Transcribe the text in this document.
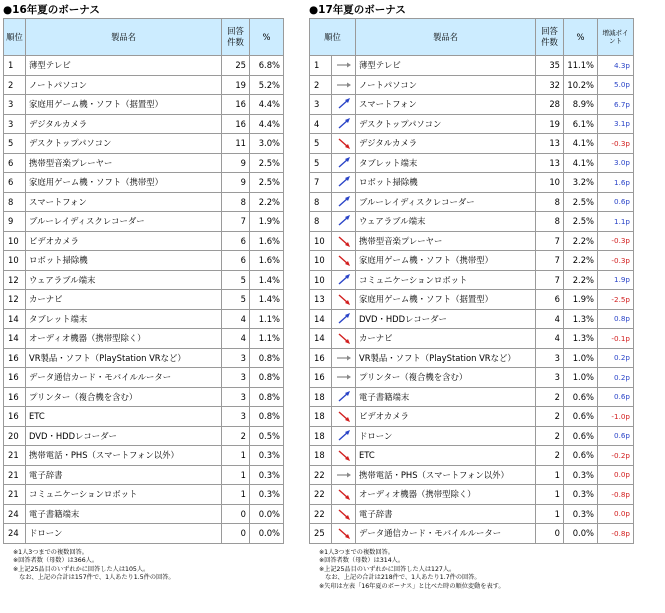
●16年夏のボーナス
順位	製品名	回答件数	%
1	薄型テレビ	25	6.8%
2	ノートパソコン	19	5.2%
3	家庭用ゲーム機・ソフト（据置型）	16	4.4%
3	デジタルカメラ	16	4.4%
5	デスクトップパソコン	11	3.0%
6	携帯型音楽プレーヤー	9	2.5%
6	家庭用ゲーム機・ソフト（携帯型）	9	2.5%
8	スマートフォン	8	2.2%
9	ブルーレイディスクレコーダー	7	1.9%
10	ビデオカメラ	6	1.6%
10	ロボット掃除機	6	1.6%
12	ウェアラブル端末	5	1.4%
12	カーナビ	5	1.4%
14	タブレット端末	4	1.1%
14	オーディオ機器（携帯型除く）	4	1.1%
16	VR製品・ソフト（PlayStation VRなど）	3	0.8%
16	データ通信カード・モバイルルーター	3	0.8%
16	プリンター（複合機を含む）	3	0.8%
16	ETC	3	0.8%
20	DVD・HDDレコーダー	2	0.5%
21	携帯電話・PHS（スマートフォン以外）	1	0.3%
21	電子辞書	1	0.3%
21	コミュニケーションロボット	1	0.3%
24	電子書籍端末	0	0.0%
24	ドローン	0	0.0%
※1人3つまでの複数回答。
※回答者数（母数）は366人。
※上記25品目のいずれかに回答した人は105人。
　なお、上記の合計は157件で、1人あたり1.5件の回答。
●17年夏のボーナス
順位		製品名	回答件数	%	増減ポイント
1		薄型テレビ	35	11.1%	4.3p
2		ノートパソコン	32	10.2%	5.0p
3		スマートフォン	28	8.9%	6.7p
4		デスクトップパソコン	19	6.1%	3.1p
5		デジタルカメラ	13	4.1%	-0.3p
5		タブレット端末	13	4.1%	3.0p
7		ロボット掃除機	10	3.2%	1.6p
8		ブルーレイディスクレコーダー	8	2.5%	0.6p
8		ウェアラブル端末	8	2.5%	1.1p
10		携帯型音楽プレーヤー	7	2.2%	-0.3p
10		家庭用ゲーム機・ソフト（携帯型）	7	2.2%	-0.3p
10		コミュニケーションロボット	7	2.2%	1.9p
13		家庭用ゲーム機・ソフト（据置型）	6	1.9%	-2.5p
14		DVD・HDDレコーダー	4	1.3%	0.8p
14		カーナビ	4	1.3%	-0.1p
16		VR製品・ソフト（PlayStation VRなど）	3	1.0%	0.2p
16		プリンター（複合機を含む）	3	1.0%	0.2p
18		電子書籍端末	2	0.6%	0.6p
18		ビデオカメラ	2	0.6%	-1.0p
18		ドローン	2	0.6%	0.6p
18		ETC	2	0.6%	-0.2p
22		携帯電話・PHS（スマートフォン以外）	1	0.3%	0.0p
22		オーディオ機器（携帯型除く）	1	0.3%	-0.8p
22		電子辞書	1	0.3%	0.0p
25		データ通信カード・モバイルルーター	0	0.0%	-0.8p
※1人3つまでの複数回答。
※回答者数（母数）は314人。
※上記25品目のいずれかに回答した人は127人。
　なお、上記の合計は218件で、1人あたり1.7件の回答。
※矢印は左表「16年夏のボーナス」と比べた時の順位変動を表す。
